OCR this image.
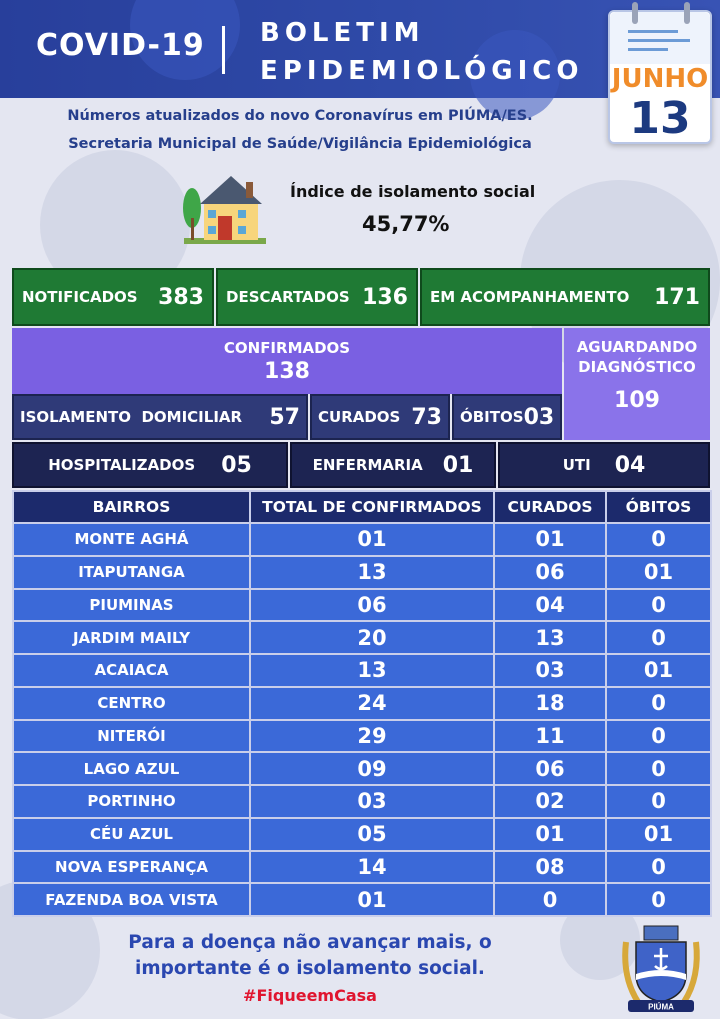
COVID-19 BOLETIM
EPIDEMIOLÓGICO JUNHO
13
Números atualizados do novo Coronavírus em PIÚMA/ES.
Secretaria Municipal de Saúde/Vigilância Epidemiológica
Índice de isolamento social
45,77%
NOTIFICADOS 383 DESCARTADOS 136 EM ACOMPANHAMENTO 171
CONFIRMADOS
138
AGUARDANDO
DIAGNÓSTICO
109
ISOLAMENTO  DOMICILIAR 57 CURADOS 73 ÓBITOS 03
HOSPITALIZADOS 05	ENFERMARIA 01	UTI 04
BAIRROS	TOTAL DE CONFIRMADOS	CURADOS	ÓBITOS
MONTE AGHÁ	01	01	0
ITAPUTANGA	13	06	01
PIUMINAS	06	04	0
JARDIM MAILY	20	13	0
ACAIACA	13	03	01
CENTRO	24	18	0
NITERÓI	29	11	0
LAGO AZUL	09	06	0
PORTINHO	03	02	0
CÉU AZUL	05	01	01
NOVA ESPERANÇA	14	08	0
FAZENDA BOA VISTA	01	0	0
Para a doença não avançar mais, o
importante é o isolamento social.
#FiqueemCasa
PIÚMA
